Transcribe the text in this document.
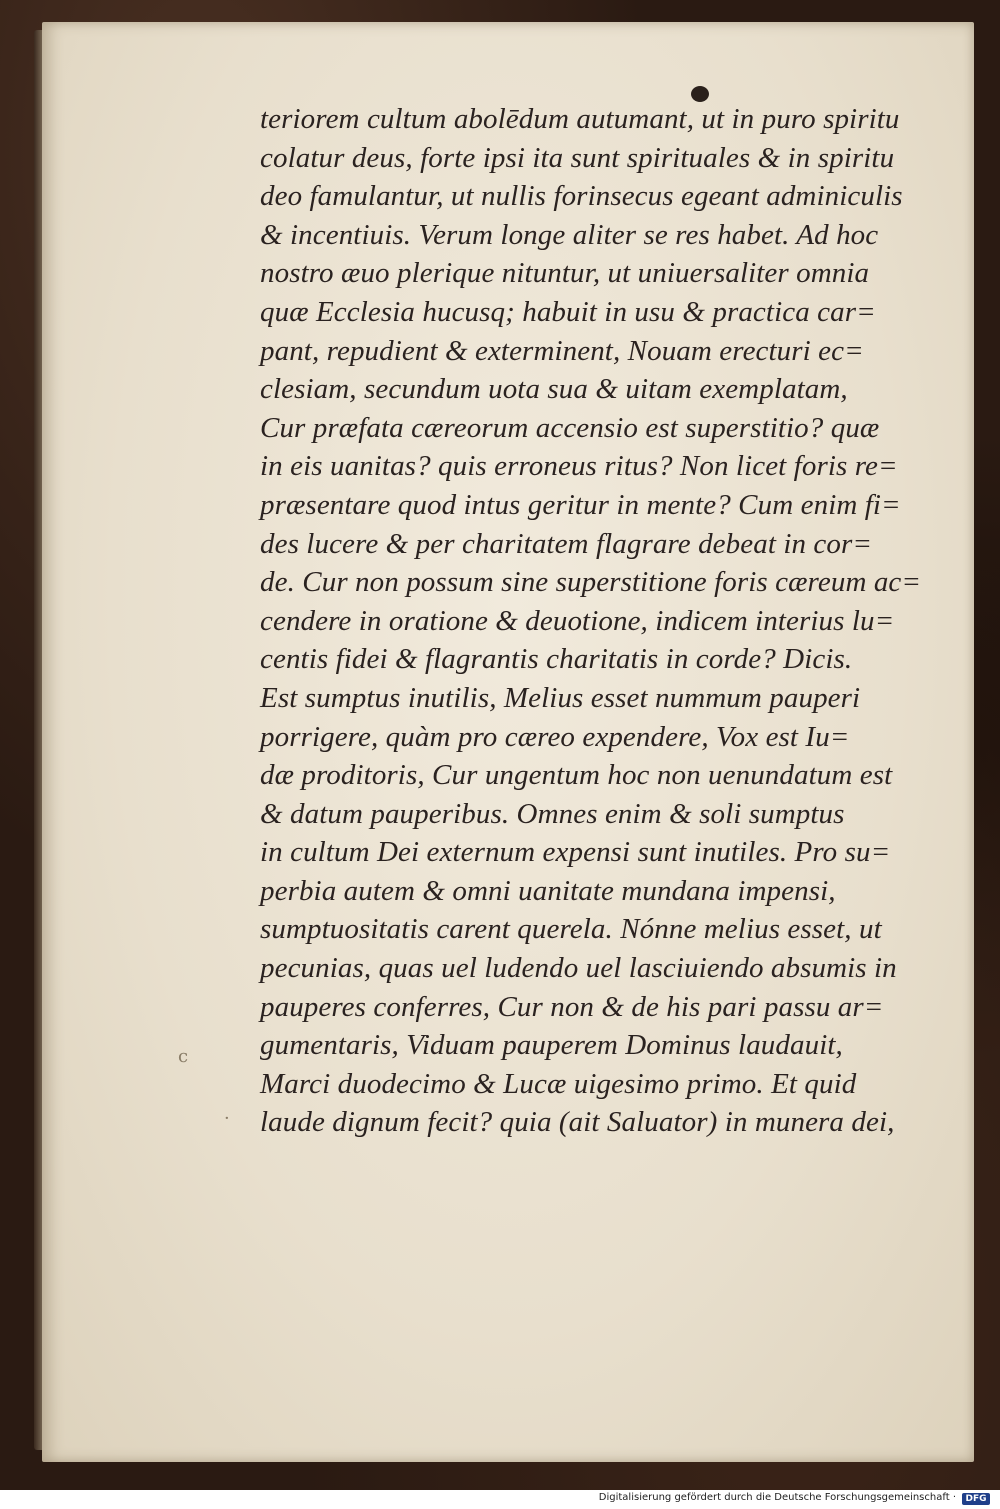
c
·
teriorem cultum abolēdum autumant, ut in puro spiritu
colatur deus, forte ipsi ita sunt spirituales & in spiritu
deo famulantur, ut nullis forinsecus egeant adminiculis
& incentiuis. Verum longe aliter se res habet. Ad hoc
nostro æuo plerique nituntur, ut uniuersaliter omnia
quæ Ecclesia hucusq; habuit in usu & practica car=
pant, repudient & exterminent, Nouam erecturi ec=
clesiam, secundum uota sua & uitam exemplatam,
Cur præfata cæreorum accensio est superstitio? quæ
in eis uanitas? quis erroneus ritus? Non licet foris re=
præsentare quod intus geritur in mente? Cum enim fi=
des lucere & per charitatem flagrare debeat in cor=
de. Cur non possum sine superstitione foris cæreum ac=
cendere in oratione & deuotione, indicem interius lu=
centis fidei & flagrantis charitatis in corde? Dicis.
Est sumptus inutilis, Melius esset nummum pauperi
porrigere, quàm pro cæreo expendere, Vox est Iu=
dæ proditoris, Cur ungentum hoc non uenundatum est
& datum pauperibus. Omnes enim & soli sumptus
in cultum Dei externum expensi sunt inutiles. Pro su=
perbia autem & omni uanitate mundana impensi,
sumptuositatis carent querela. Nónne melius esset, ut
pecunias, quas uel ludendo uel lasciuiendo absumis in
pauperes conferres, Cur non & de his pari passu ar=
gumentaris, Viduam pauperem Dominus laudauit,
Marci duodecimo & Lucæ uigesimo primo. Et quid
laude dignum fecit? quia (ait Saluator) in munera dei,
Digitalisierung gefördert durch die Deutsche Forschungsgemeinschaft ·	DFG
